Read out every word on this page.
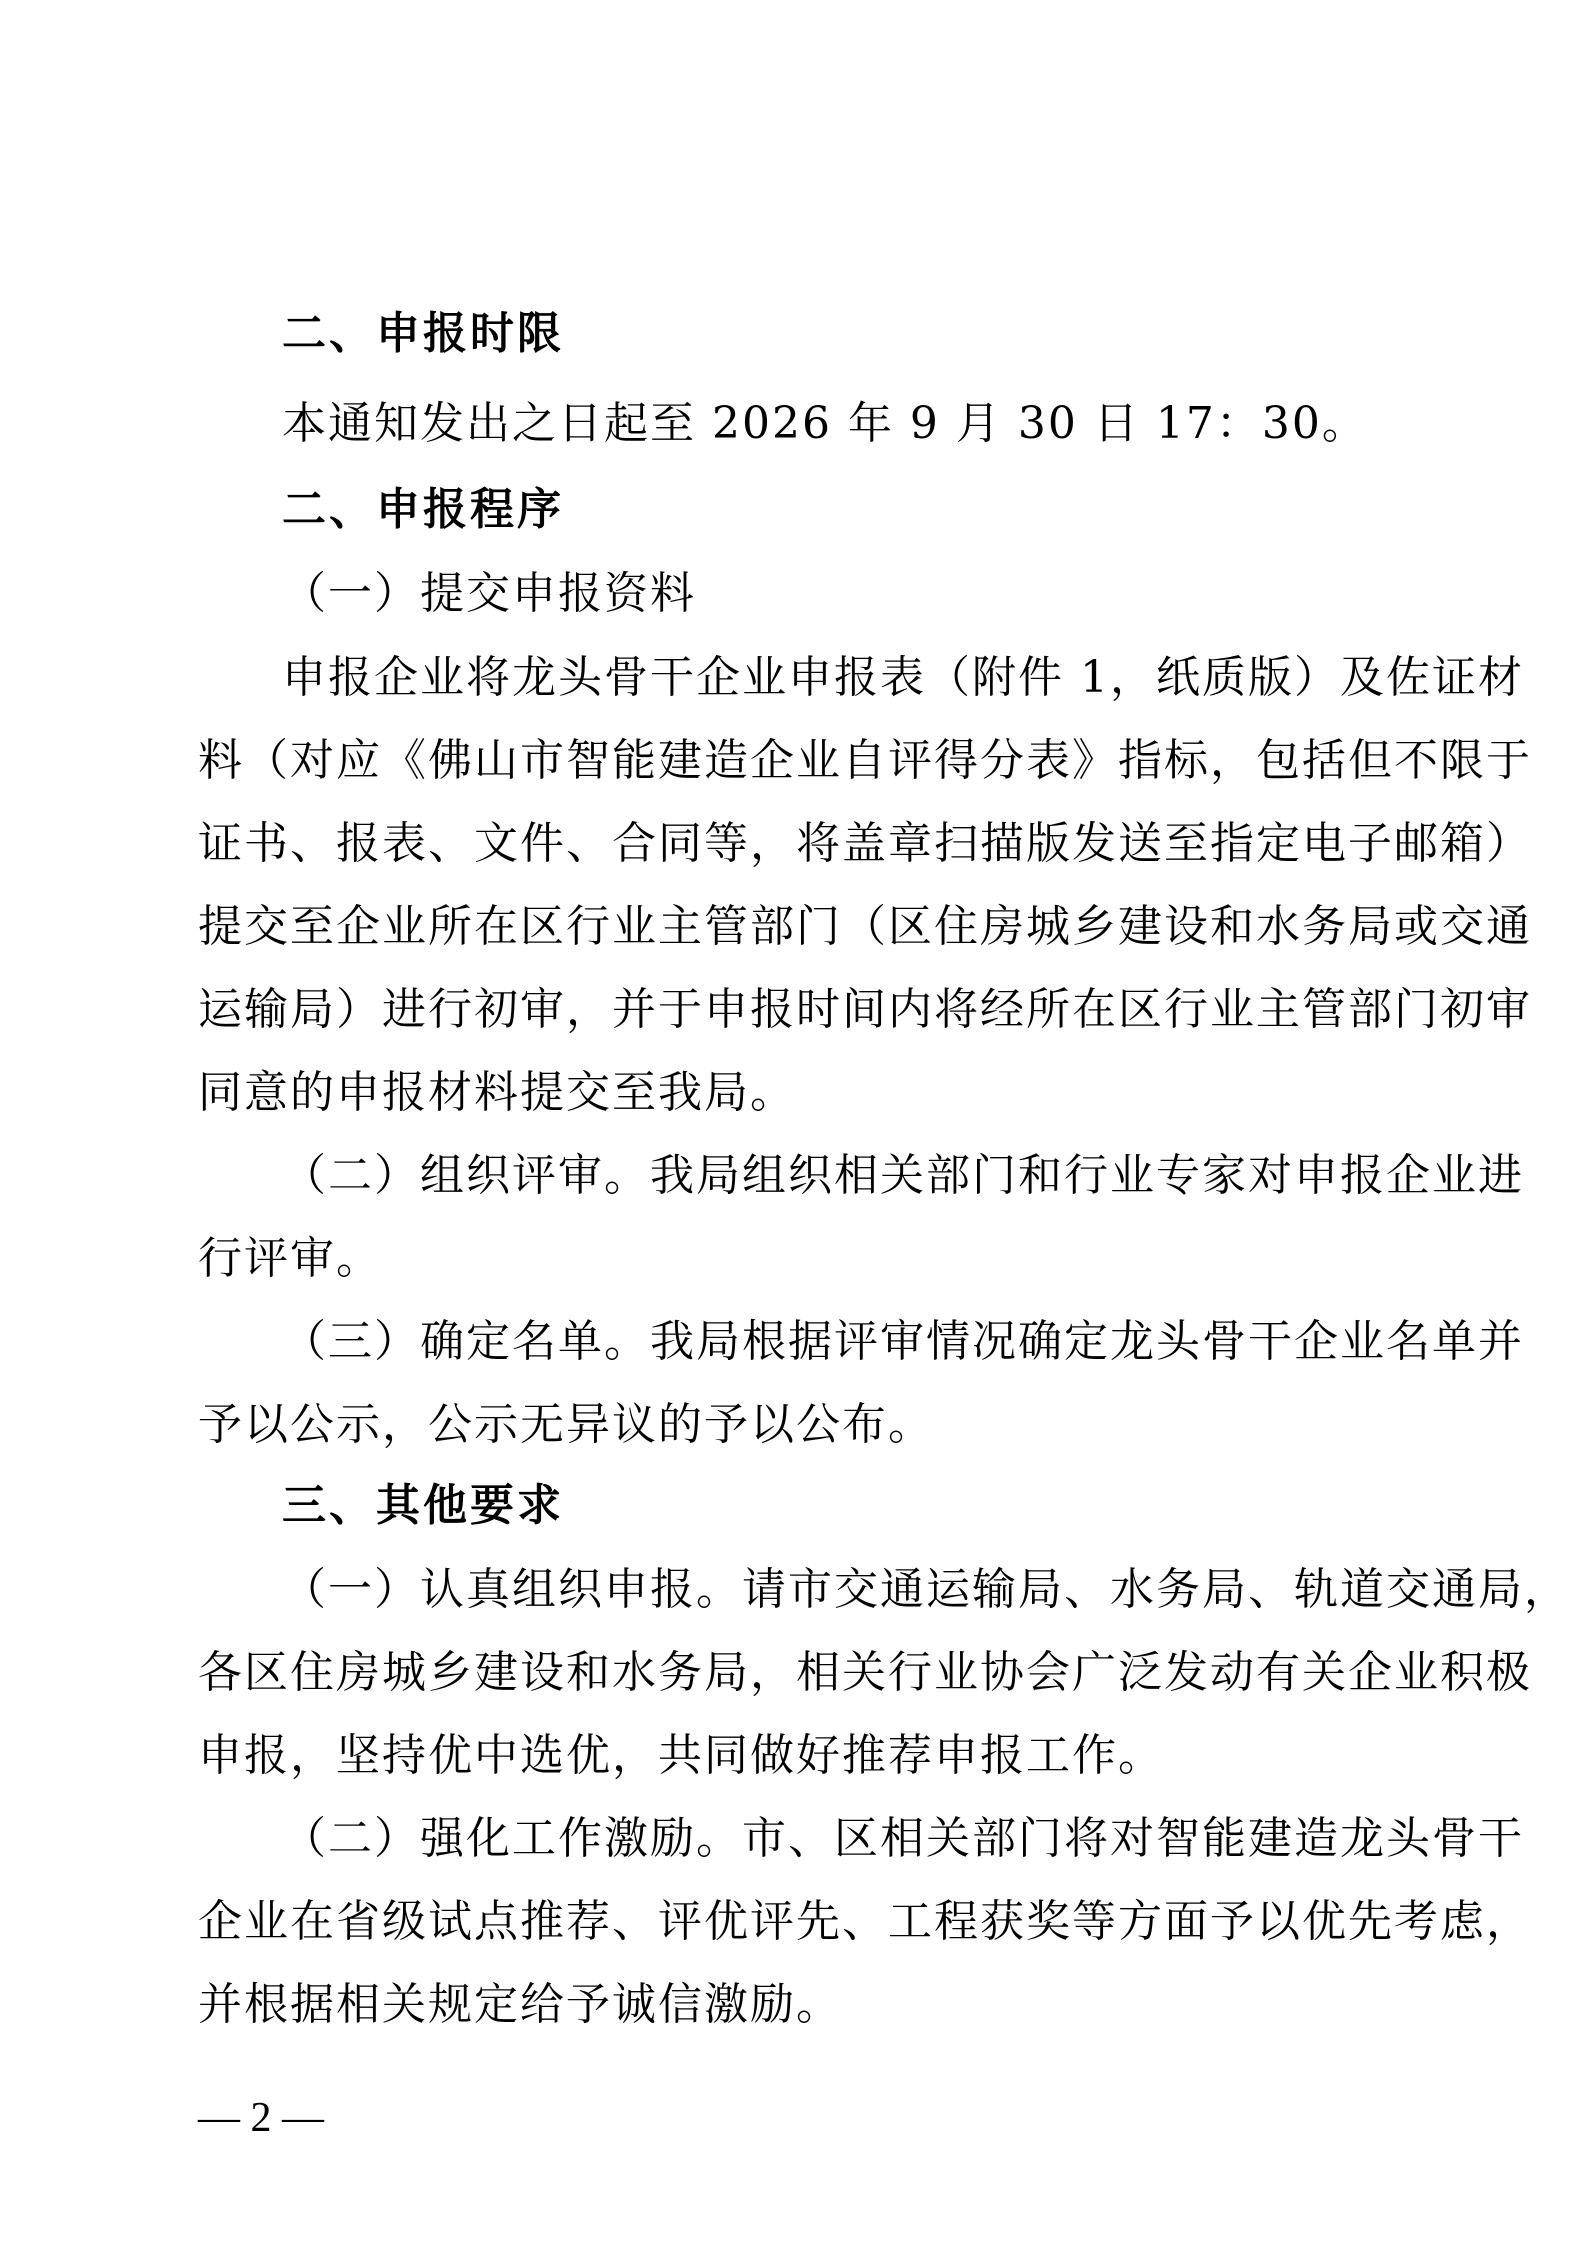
二、申报时限
本通知发出之日起至 2026 年 9 月 30 日 17：30。
二、申报程序
（一）提交申报资料
申报企业将龙头骨干企业申报表（附件 1，纸质版）及佐证材
料（对应《佛山市智能建造企业自评得分表》指标，包括但不限于
证书、报表、文件、合同等，将盖章扫描版发送至指定电子邮箱）
提交至企业所在区行业主管部门（区住房城乡建设和水务局或交通
运输局）进行初审，并于申报时间内将经所在区行业主管部门初审
同意的申报材料提交至我局。
（二）组织评审。我局组织相关部门和行业专家对申报企业进
行评审。
（三）确定名单。我局根据评审情况确定龙头骨干企业名单并
予以公示，公示无异议的予以公布。
三、其他要求
（一）认真组织申报。请市交通运输局、水务局、轨道交通局，
各区住房城乡建设和水务局，相关行业协会广泛发动有关企业积极
申报，坚持优中选优，共同做好推荐申报工作。
（二）强化工作激励。市、区相关部门将对智能建造龙头骨干
企业在省级试点推荐、评优评先、工程获奖等方面予以优先考虑，
并根据相关规定给予诚信激励。
— 2 —
